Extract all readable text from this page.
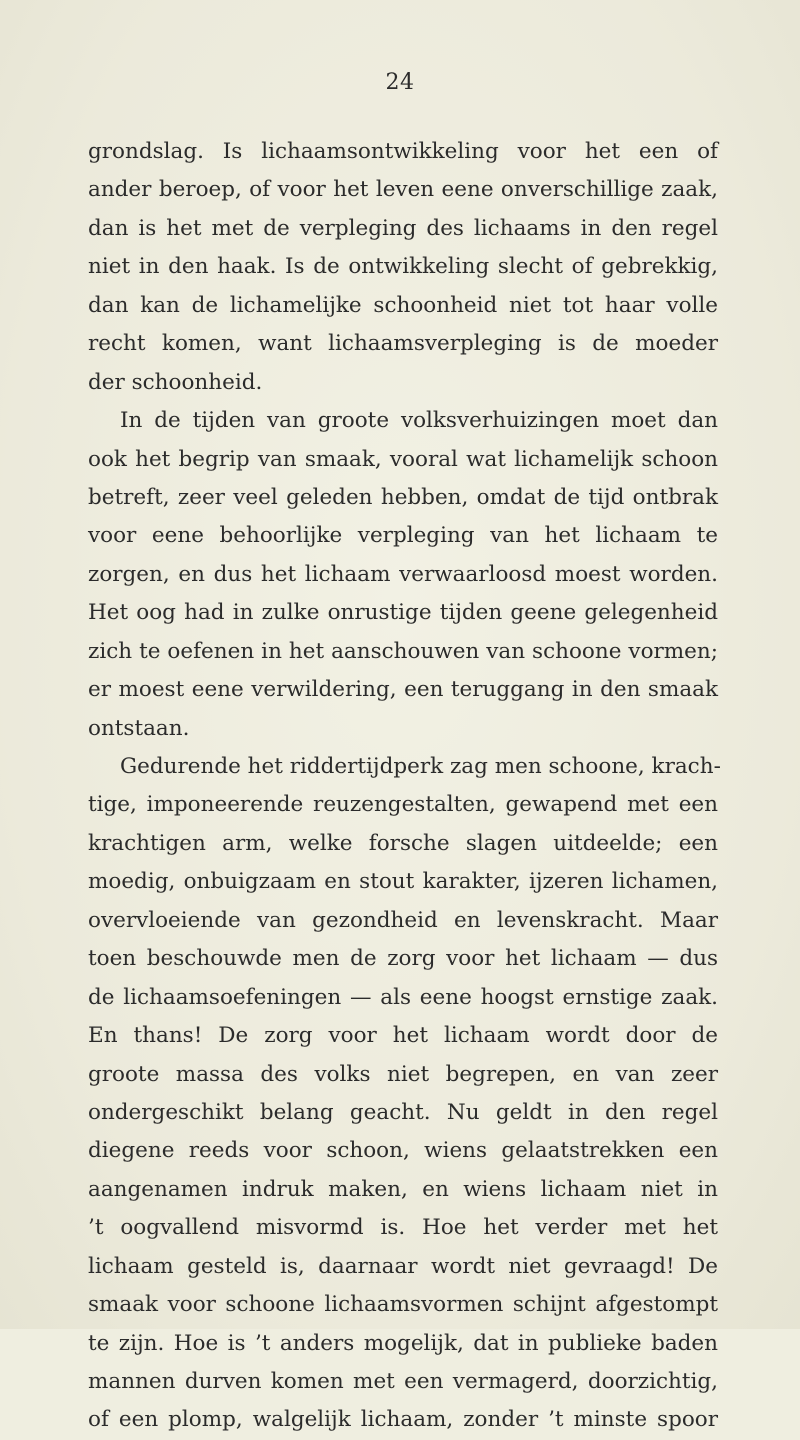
24
grondslag. Is lichaamsontwikkeling voor het een of
ander beroep, of voor het leven eene onverschillige zaak,
dan is het met de verpleging des lichaams in den regel
niet in den haak. Is de ontwikkeling slecht of gebrekkig,
dan kan de lichamelijke schoonheid niet tot haar volle
recht komen, want lichaamsverpleging is de moeder
der schoonheid.
In de tijden van groote volksverhuizingen moet dan
ook het begrip van smaak, vooral wat lichamelijk schoon
betreft, zeer veel geleden hebben, omdat de tijd ontbrak
voor eene behoorlijke verpleging van het lichaam te
zorgen, en dus het lichaam verwaarloosd moest worden.
Het oog had in zulke onrustige tijden geene gelegenheid
zich te oefenen in het aanschouwen van schoone vormen;
er moest eene verwildering, een teruggang in den smaak
ontstaan.
Gedurende het riddertijdperk zag men schoone, krach-
tige, imponeerende reuzengestalten, gewapend met een
krachtigen arm, welke forsche slagen uitdeelde; een
moedig, onbuigzaam en stout karakter, ijzeren lichamen,
overvloeiende van gezondheid en levenskracht. Maar
toen beschouwde men de zorg voor het lichaam — dus
de lichaamsoefeningen — als eene hoogst ernstige zaak.
En thans! De zorg voor het lichaam wordt door de
groote massa des volks niet begrepen, en van zeer
ondergeschikt belang geacht. Nu geldt in den regel
diegene reeds voor schoon, wiens gelaatstrekken een
aangenamen indruk maken, en wiens lichaam niet in
’t oogvallend misvormd is. Hoe het verder met het
lichaam gesteld is, daarnaar wordt niet gevraagd! De
smaak voor schoone lichaamsvormen schijnt afgestompt
te zijn. Hoe is ’t anders mogelijk, dat in publieke baden
mannen durven komen met een vermagerd, doorzichtig,
of een plomp, walgelijk lichaam, zonder ’t minste spoor
